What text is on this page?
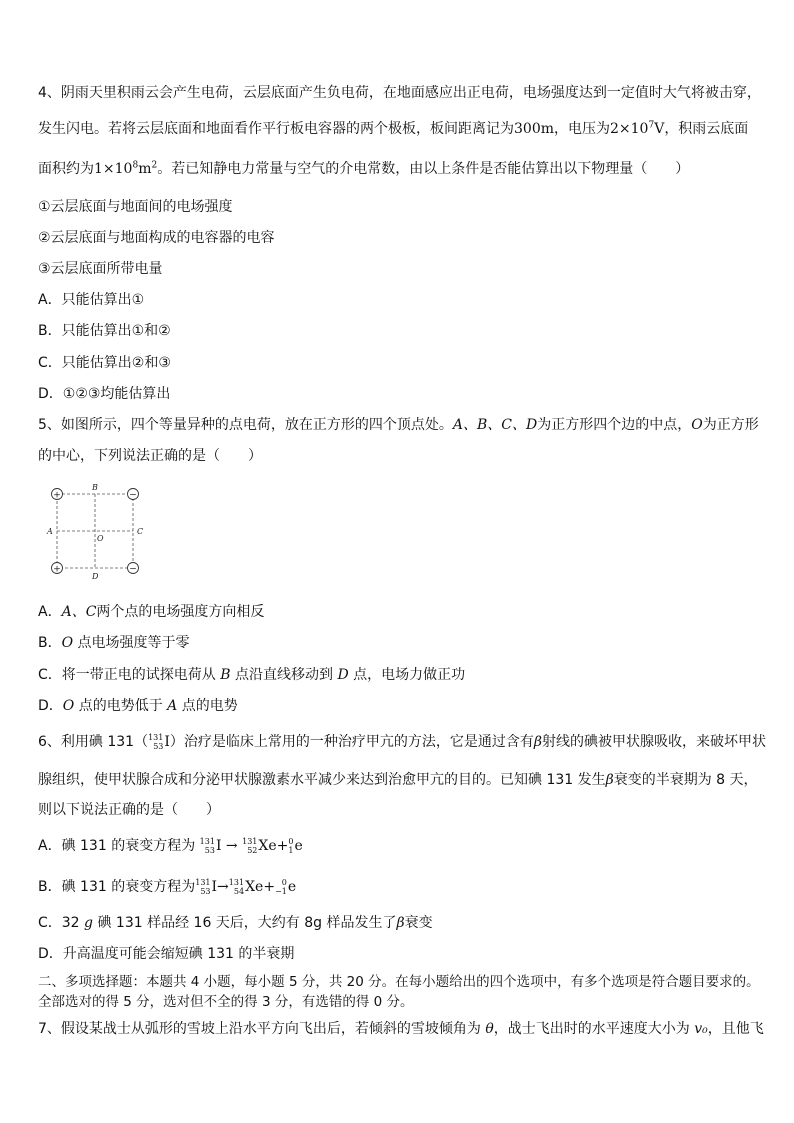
4、阴雨天里积雨云会产生电荷，云层底面产生负电荷，在地面感应出正电荷，电场强度达到一定值时大气将被击穿，
发生闪电。若将云层底面和地面看作平行板电容器的两个极板，板间距离记为300m，电压为$2\times 10^7V$，积雨云底面
面积约为$1\times 10^8m^2$。若已知静电力常量与空气的介电常数，由以上条件是否能估算出以下物理量（　　）
①云层底面与地面间的电场强度
②云层底面与地面构成的电容器的电容
③云层底面所带电量
A．只能估算出①
B．只能估算出①和②
C．只能估算出②和③
D．①②③均能估算出
5、如图所示，四个等量异种的点电荷，放在正方形的四个顶点处。A、B、C、D为正方形四个边的中点，O为正方形
的中心，下列说法正确的是（　　）
+	−
+	−
B
A	C
D
O
A．A、C两个点的电场强度方向相反
B．O 点电场强度等于零
C．将一带正电的试探电荷从 B 点沿直线移动到 D 点，电场力做正功
D．O 点的电势低于 A 点的电势
6、利用碘 131（ 131
53 I）治疗是临床上常用的一种治疗甲亢的方法，它是通过含有β射线的碘被甲状腺吸收，来破坏甲状
腺组织，使甲状腺合成和分泌甲状腺激素水平减少来达到治愈甲亢的目的。已知碘 131 发生β衰变的半衰期为 8 天，
则以下说法正确的是（　　）
A．碘 131 的衰变方程为 131
53 I → 131
52 Xe+ 0
1 e
B．碘 131 的衰变方程为 131
53 I→ 131
54 Xe+ 0
−1 e
C．32 g 碘 131 样品经 16 天后，大约有 8g 样品发生了β衰变
D．升高温度可能会缩短碘 131 的半衰期
二、多项选择题：本题共 4 小题，每小题 5 分，共 20 分。在每小题给出的四个选项中，有多个选项是符合题目要求的。
全部选对的得 5 分，选对但不全的得 3 分，有选错的得 0 分。
7、假设某战士从弧形的雪坡上沿水平方向飞出后，若倾斜的雪坡倾角为 θ，战士飞出时的水平速度大小为 v₀，且他飞
